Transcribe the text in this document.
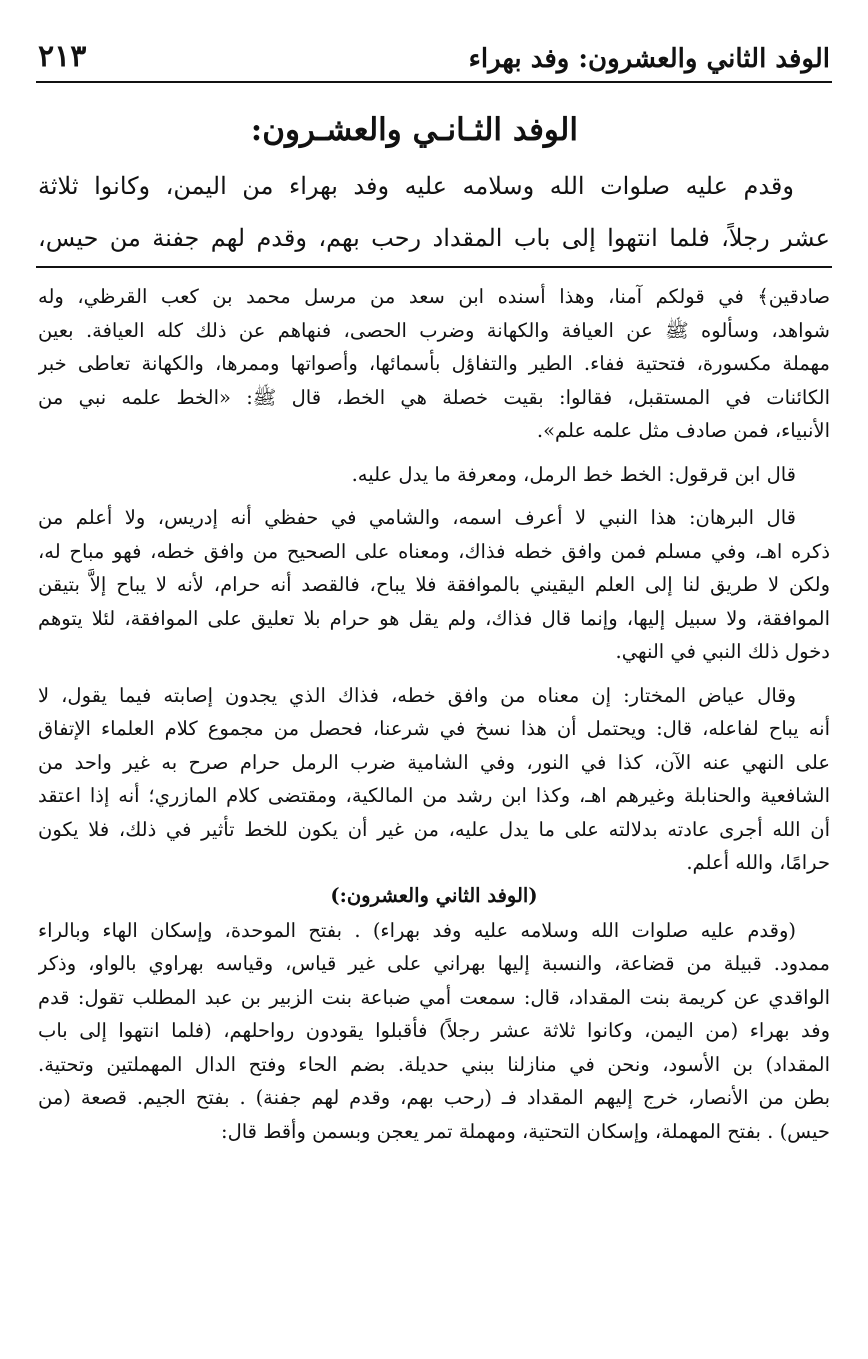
الوفد الثاني والعشرون: وفد بهراء
٢١٣
الوفد الثـانـي والعشـرون:
وقدم عليه صلوات الله وسلامه عليه وفد بهراء من اليمن، وكانوا ثلاثة
عشر رجلاً، فلما انتهوا إلى باب المقداد رحب بهم، وقدم لهم جفنة من حيس،
صادقين﴾ في قولكم آمنا، وهذا أسنده ابن سعد من مرسل محمد بن كعب القرظي، وله
شواهد، وسألوه ﷺ عن العيافة والكهانة وضرب الحصى، فنهاهم عن ذلك كله العيافة. بعين
مهملة مكسورة، فتحتية ففاء. الطير والتفاؤل بأسمائها، وأصواتها وممرها، والكهانة تعاطى خبر
الكائنات في المستقبل، فقالوا: بقيت خصلة هي الخط، قال ﷺ: «الخط علمه نبي من
الأنبياء، فمن صادف مثل علمه علم».
قال ابن قرقول: الخط خط الرمل، ومعرفة ما يدل عليه.
قال البرهان: هذا النبي لا أعرف اسمه، والشامي في حفظي أنه إدريس، ولا أعلم من
ذكره اهـ، وفي مسلم فمن وافق خطه فذاك، ومعناه على الصحيح من وافق خطه، فهو مباح له،
ولكن لا طريق لنا إلى العلم اليقيني بالموافقة فلا يباح، فالقصد أنه حرام، لأنه لا يباح إلاَّ بتيقن
الموافقة، ولا سبيل إليها، وإنما قال فذاك، ولم يقل هو حرام بلا تعليق على الموافقة، لئلا يتوهم
دخول ذلك النبي في النهي.
وقال عياض المختار: إن معناه من وافق خطه، فذاك الذي يجدون إصابته فيما يقول، لا
أنه يباح لفاعله، قال: ويحتمل أن هذا نسخ في شرعنا، فحصل من مجموع كلام العلماء الإتفاق
على النهي عنه الآن، كذا في النور، وفي الشامية ضرب الرمل حرام صرح به غير واحد من
الشافعية والحنابلة وغيرهم اهـ، وكذا ابن رشد من المالكية، ومقتضى كلام المازري؛ أنه إذا اعتقد
أن الله أجرى عادته بدلالته على ما يدل عليه، من غير أن يكون للخط تأثير في ذلك، فلا يكون
حرامًا، والله أعلم.
(الوفد الثاني والعشرون:)
(وقدم عليه صلوات الله وسلامه عليه وفد بهراء) . بفتح الموحدة، وإسكان الهاء وبالراء
ممدود. قبيلة من قضاعة، والنسبة إليها بهراني على غير قياس، وقياسه بهراوي بالواو، وذكر
الواقدي عن كريمة بنت المقداد، قال: سمعت أمي ضباعة بنت الزبير بن عبد المطلب تقول: قدم
وفد بهراء (من اليمن، وكانوا ثلاثة عشر رجلاً) فأقبلوا يقودون رواحلهم، (فلما انتهوا إلى باب
المقداد) بن الأسود، ونحن في منازلنا ببني حديلة. بضم الحاء وفتح الدال المهملتين وتحتية.
بطن من الأنصار، خرج إليهم المقداد فـ (رحب بهم، وقدم لهم جفنة) . بفتح الجيم. قصعة (من
حيس) . بفتح المهملة، وإسكان التحتية، ومهملة تمر يعجن وبسمن وأقط قال:
